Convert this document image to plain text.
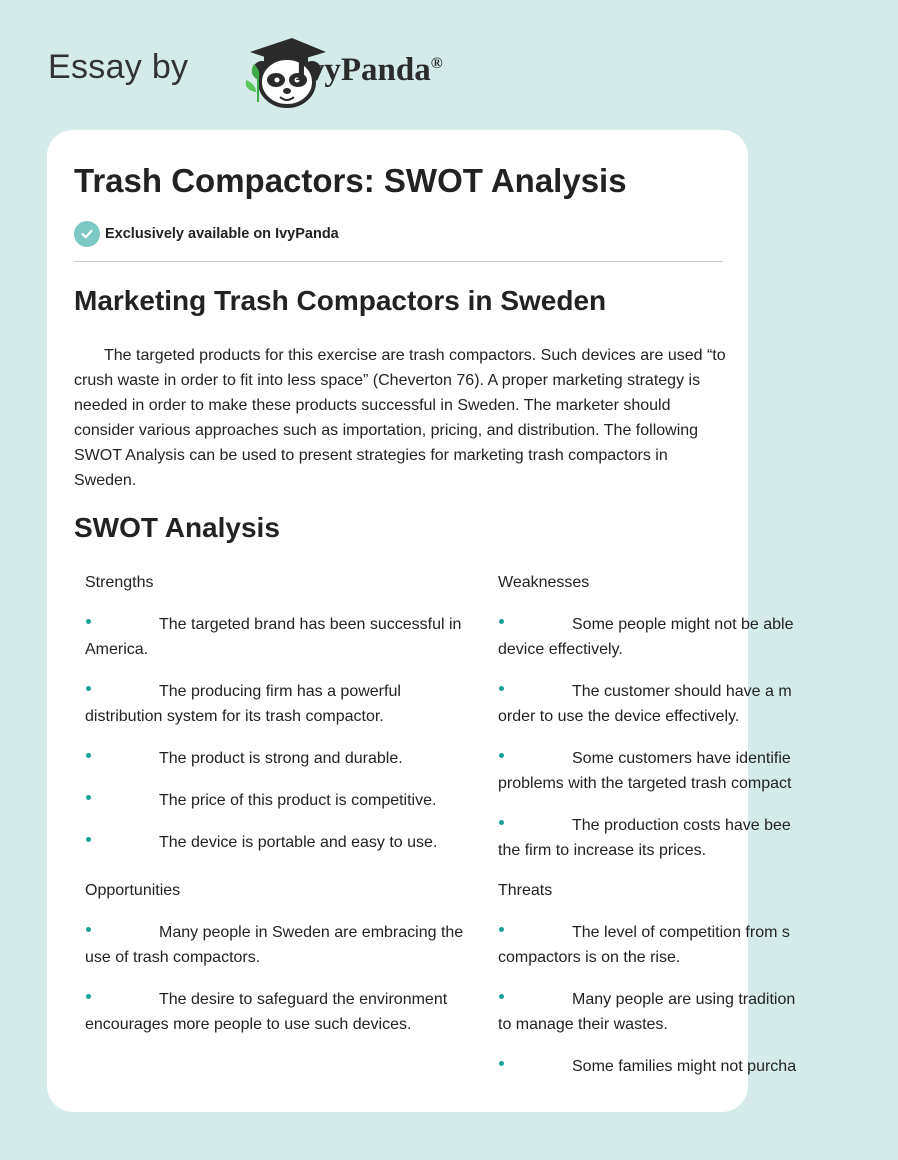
Essay by	IvyPanda®
Trash Compactors: SWOT Analysis
Exclusively available on IvyPanda
Marketing Trash Compactors in Sweden

The targeted products for this exercise are trash compactors. Such devices are used “to crush waste in order to fit into less space” (Cheverton 76). A proper marketing strategy is needed in order to make these products successful in Sweden. The marketer should consider various approaches such as importation, pricing, and distribution. The following SWOT Analysis can be used to present strategies for marketing trash compactors in Sweden.

SWOT Analysis
Strengths
The targeted brand has been successful in America.
The producing firm has a powerful distribution system for its trash compactor.
The product is strong and durable.
The price of this product is competitive.
The device is portable and easy to use.
Weaknesses
Some people might not be able
device effectively.
The customer should have a m
order to use the device effectively.
Some customers have identifie
problems with the targeted trash compact
The production costs have bee
the firm to increase its prices.
Opportunities
Many people in Sweden are embracing the use of trash compactors.
The desire to safeguard the environment encourages more people to use such devices.
Threats
The level of competition from s
compactors is on the rise.
Many people are using tradition
to manage their wastes.
Some families might not purcha
